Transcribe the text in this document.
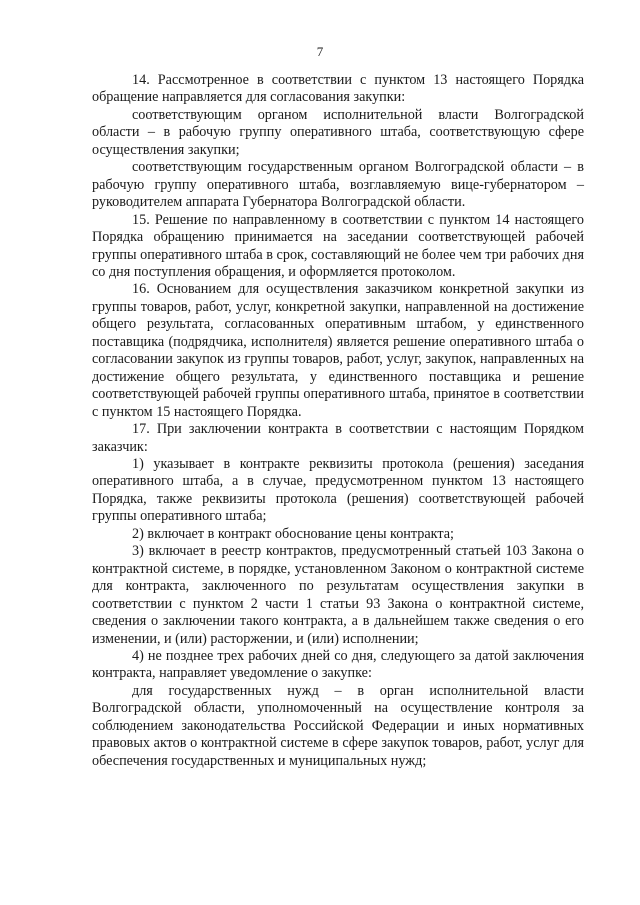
7

14. Рассмотренное в соответствии с пунктом 13 настоящего Порядка обращение направляется для согласования закупки:

соответствующим органом исполнительной власти Волгоградской области – в рабочую группу оперативного штаба, соответствующую сфере осуществления закупки;

соответствующим государственным органом Волгоградской области – в рабочую группу оперативного штаба, возглавляемую вице-губернатором – руководителем аппарата Губернатора Волгоградской области.

15. Решение по направленному в соответствии с пунктом 14 настоящего Порядка обращению принимается на заседании соответствующей рабочей группы оперативного штаба в срок, составляющий не более чем три рабочих дня со дня поступления обращения, и оформляется протоколом.

16. Основанием для осуществления заказчиком конкретной закупки из группы товаров, работ, услуг, конкретной закупки, направленной на достижение общего результата, согласованных оперативным штабом, у единственного поставщика (подрядчика, исполнителя) является решение оперативного штаба о согласовании закупок из группы товаров, работ, услуг, закупок, направленных на достижение общего результата, у единственного поставщика и решение соответствующей рабочей группы оперативного штаба, принятое в соответствии с пунктом 15 настоящего Порядка.

17. При заключении контракта в соответствии с настоящим Порядком заказчик:

1) указывает в контракте реквизиты протокола (решения) заседания оперативного штаба, а в случае, предусмотренном пунктом 13 настоящего Порядка, также реквизиты протокола (решения) соответствующей рабочей группы оперативного штаба;

2) включает в контракт обоснование цены контракта;

3) включает в реестр контрактов, предусмотренный статьей 103 Закона о контрактной системе, в порядке, установленном Законом о контрактной системе для контракта, заключенного по результатам осуществления закупки в соответствии с пунктом 2 части 1 статьи 93 Закона о контрактной системе, сведения о заключении такого контракта, а в дальнейшем также сведения о его изменении, и (или) расторжении, и (или) исполнении;

4) не позднее трех рабочих дней со дня, следующего за датой заключения контракта, направляет уведомление о закупке:

для государственных нужд – в орган исполнительной власти Волгоградской области, уполномоченный на осуществление контроля за соблюдением законодательства Российской Федерации и иных нормативных правовых актов о контрактной системе в сфере закупок товаров, работ, услуг для обеспечения государственных и муниципальных нужд;
